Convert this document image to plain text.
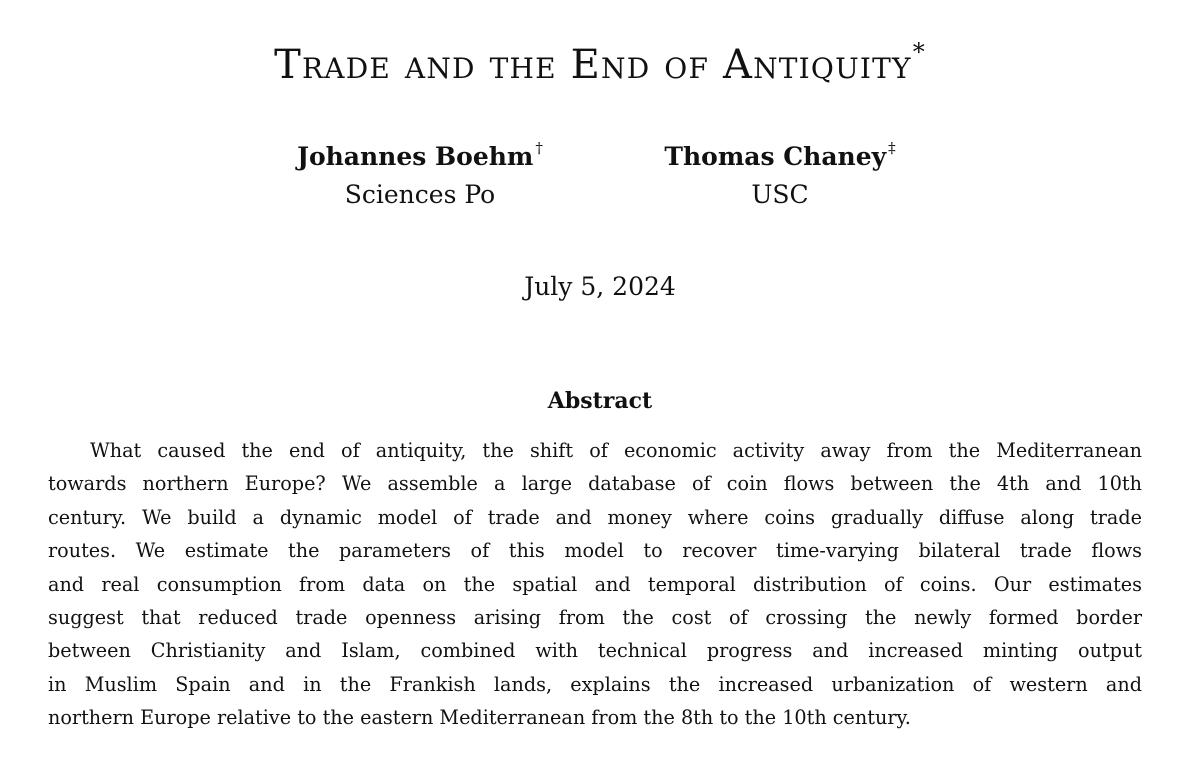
Trade and the End of Antiquity*
Johannes Boehm †
Sciences Po
Thomas Chaney ‡
USC
July 5, 2024
Abstract
What caused the end of antiquity, the shift of economic activity away from the Mediterranean
towards northern Europe? We assemble a large database of coin flows between the 4th and 10th
century. We build a dynamic model of trade and money where coins gradually diffuse along trade
routes. We estimate the parameters of this model to recover time-varying bilateral trade flows
and real consumption from data on the spatial and temporal distribution of coins. Our estimates
suggest that reduced trade openness arising from the cost of crossing the newly formed border
between Christianity and Islam, combined with technical progress and increased minting output
in Muslim Spain and in the Frankish lands, explains the increased urbanization of western and
northern Europe relative to the eastern Mediterranean from the 8th to the 10th century.
